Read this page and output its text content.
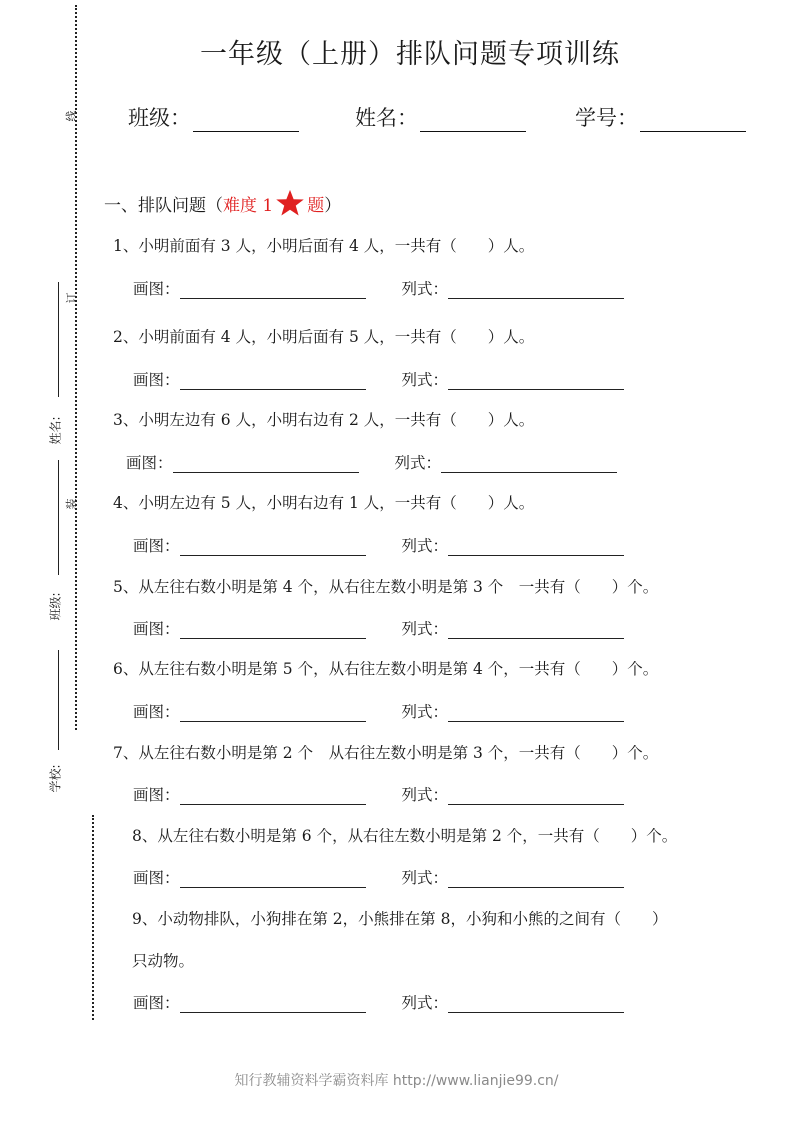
线
订
装
姓名:
班级:
学校:
一年级（上册）排队问题专项训练
班级：	姓名：	学号：
一、排队问题（ 难度 1 题 ）
1、小明前面有 3 人，小明后面有 4 人，一共有（　　）人。
画图：	列式：
2、小明前面有 4 人，小明后面有 5 人，一共有（　　）人。
画图：	列式：
3、小明左边有 6 人，小明右边有 2 人，一共有（　　）人。
画图：	列式：
4、小明左边有 5 人，小明右边有 1 人，一共有（　　）人。
画图：	列式：
5、从左往右数小明是第 4 个，从右往左数小明是第 3 个　一共有（　　）个。
画图：	列式：
6、从左往右数小明是第 5 个，从右往左数小明是第 4 个，一共有（　　）个。
画图：	列式：
7、从左往右数小明是第 2 个　从右往左数小明是第 3 个，一共有（　　）个。
画图：	列式：
8、从左往右数小明是第 6 个，从右往左数小明是第 2 个，一共有（　　）个。
画图：	列式：
9、小动物排队，小狗排在第 2，小熊排在第 8，小狗和小熊的之间有（　　）
只动物。
画图：	列式：
知行教辅资料学霸资料库 http://www.lianjie99.cn/
